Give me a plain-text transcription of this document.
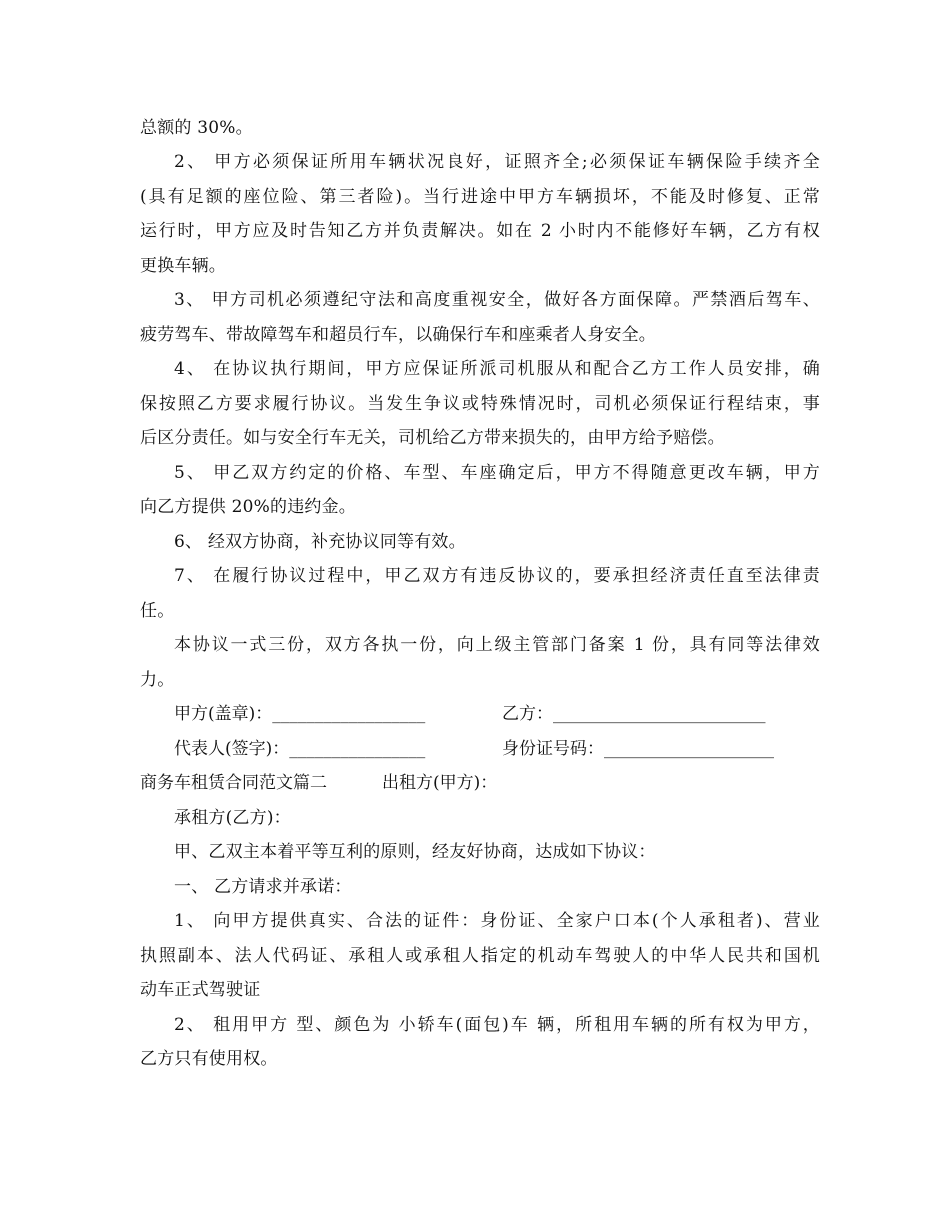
总额的 30%。
2、 甲方必须保证所用车辆状况良好，证照齐全;必须保证车辆保险手续齐全
(具有足额的座位险、第三者险)。当行进途中甲方车辆损坏，不能及时修复、正常
运行时，甲方应及时告知乙方并负责解决。如在 2 小时内不能修好车辆，乙方有权
更换车辆。
3、 甲方司机必须遵纪守法和高度重视安全，做好各方面保障。严禁酒后驾车、
疲劳驾车、带故障驾车和超员行车，以确保行车和座乘者人身安全。
4、 在协议执行期间，甲方应保证所派司机服从和配合乙方工作人员安排，确
保按照乙方要求履行协议。当发生争议或特殊情况时，司机必须保证行程结束，事
后区分责任。如与安全行车无关，司机给乙方带来损失的，由甲方给予赔偿。
5、 甲乙双方约定的价格、车型、车座确定后，甲方不得随意更改车辆，甲方
向乙方提供 20%的违约金。
6、 经双方协商，补充协议同等有效。
7、 在履行协议过程中，甲乙双方有违反协议的，要承担经济责任直至法律责
任。
本协议一式三份，双方各执一份，向上级主管部门备案 1 份，具有同等法律效
力。
甲方(盖章)：__________________	乙方：_________________________
代表人(签字)：________________	身份证号码：____________________
商务车租赁合同范文篇二	出租方(甲方)：
承租方(乙方)：
甲、乙双主本着平等互利的原则，经友好协商，达成如下协议：
一、 乙方请求并承诺：
1、 向甲方提供真实、合法的证件：身份证、全家户口本(个人承租者)、营业
执照副本、法人代码证、承租人或承租人指定的机动车驾驶人的中华人民共和国机
动车正式驾驶证
2、 租用甲方 型、颜色为 小轿车(面包)车 辆，所租用车辆的所有权为甲方，
乙方只有使用权。
